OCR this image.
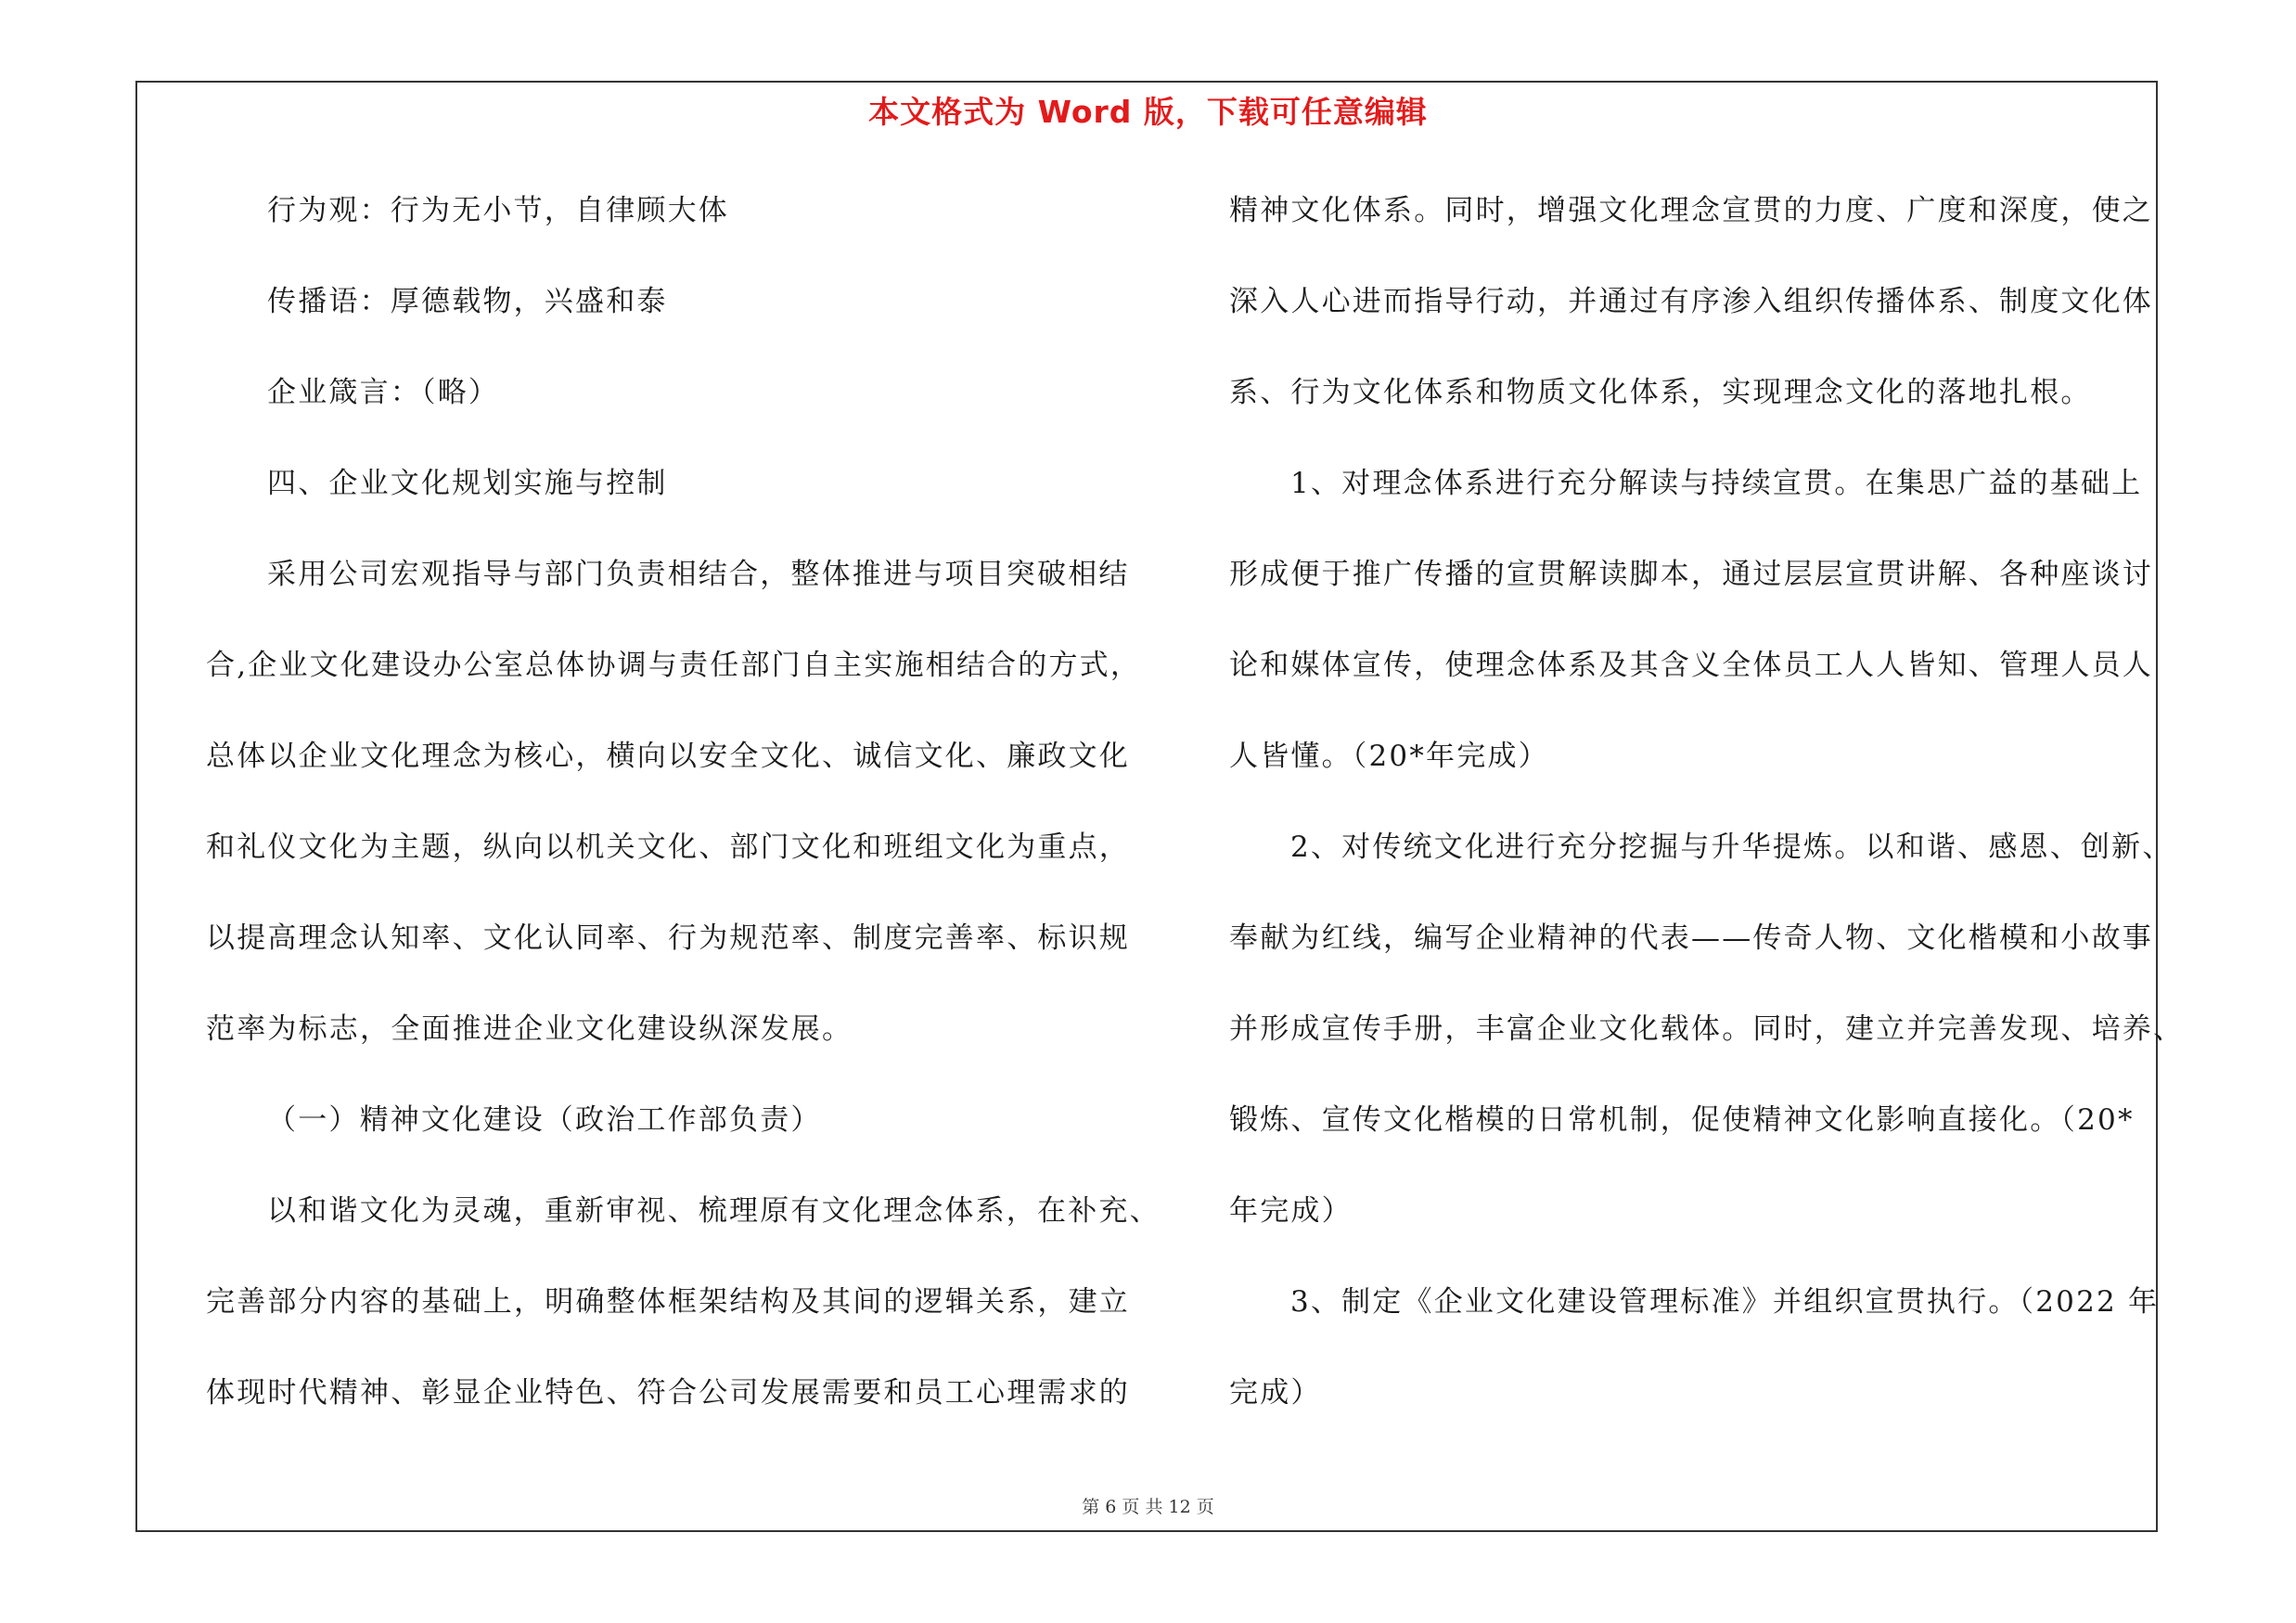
本文格式为 Word 版，下载可任意编辑
行为观：行为无小节，自律顾大体
传播语：厚德载物，兴盛和泰
企业箴言：（略）
四、企业文化规划实施与控制
采用公司宏观指导与部门负责相结合，整体推进与项目突破相结
合,企业文化建设办公室总体协调与责任部门自主实施相结合的方式，
总体以企业文化理念为核心，横向以安全文化、诚信文化、廉政文化
和礼仪文化为主题，纵向以机关文化、部门文化和班组文化为重点，
以提高理念认知率、文化认同率、行为规范率、制度完善率、标识规
范率为标志，全面推进企业文化建设纵深发展。
（一）精神文化建设（政治工作部负责）
以和谐文化为灵魂，重新审视、梳理原有文化理念体系，在补充、
完善部分内容的基础上，明确整体框架结构及其间的逻辑关系，建立
体现时代精神、彰显企业特色、符合公司发展需要和员工心理需求的
精神文化体系。同时，增强文化理念宣贯的力度、广度和深度，使之
深入人心进而指导行动，并通过有序渗入组织传播体系、制度文化体
系、行为文化体系和物质文化体系，实现理念文化的落地扎根。
1、对理念体系进行充分解读与持续宣贯。在集思广益的基础上
形成便于推广传播的宣贯解读脚本，通过层层宣贯讲解、各种座谈讨
论和媒体宣传，使理念体系及其含义全体员工人人皆知、管理人员人
人皆懂。（20*年完成）
2、对传统文化进行充分挖掘与升华提炼。以和谐、感恩、创新、
奉献为红线，编写企业精神的代表——传奇人物、文化楷模和小故事
并形成宣传手册，丰富企业文化载体。同时，建立并完善发现、培养、
锻炼、宣传文化楷模的日常机制，促使精神文化影响直接化。（20*
年完成）
3、制定《企业文化建设管理标准》并组织宣贯执行。（2022 年
完成）
第 6 页 共 12 页
